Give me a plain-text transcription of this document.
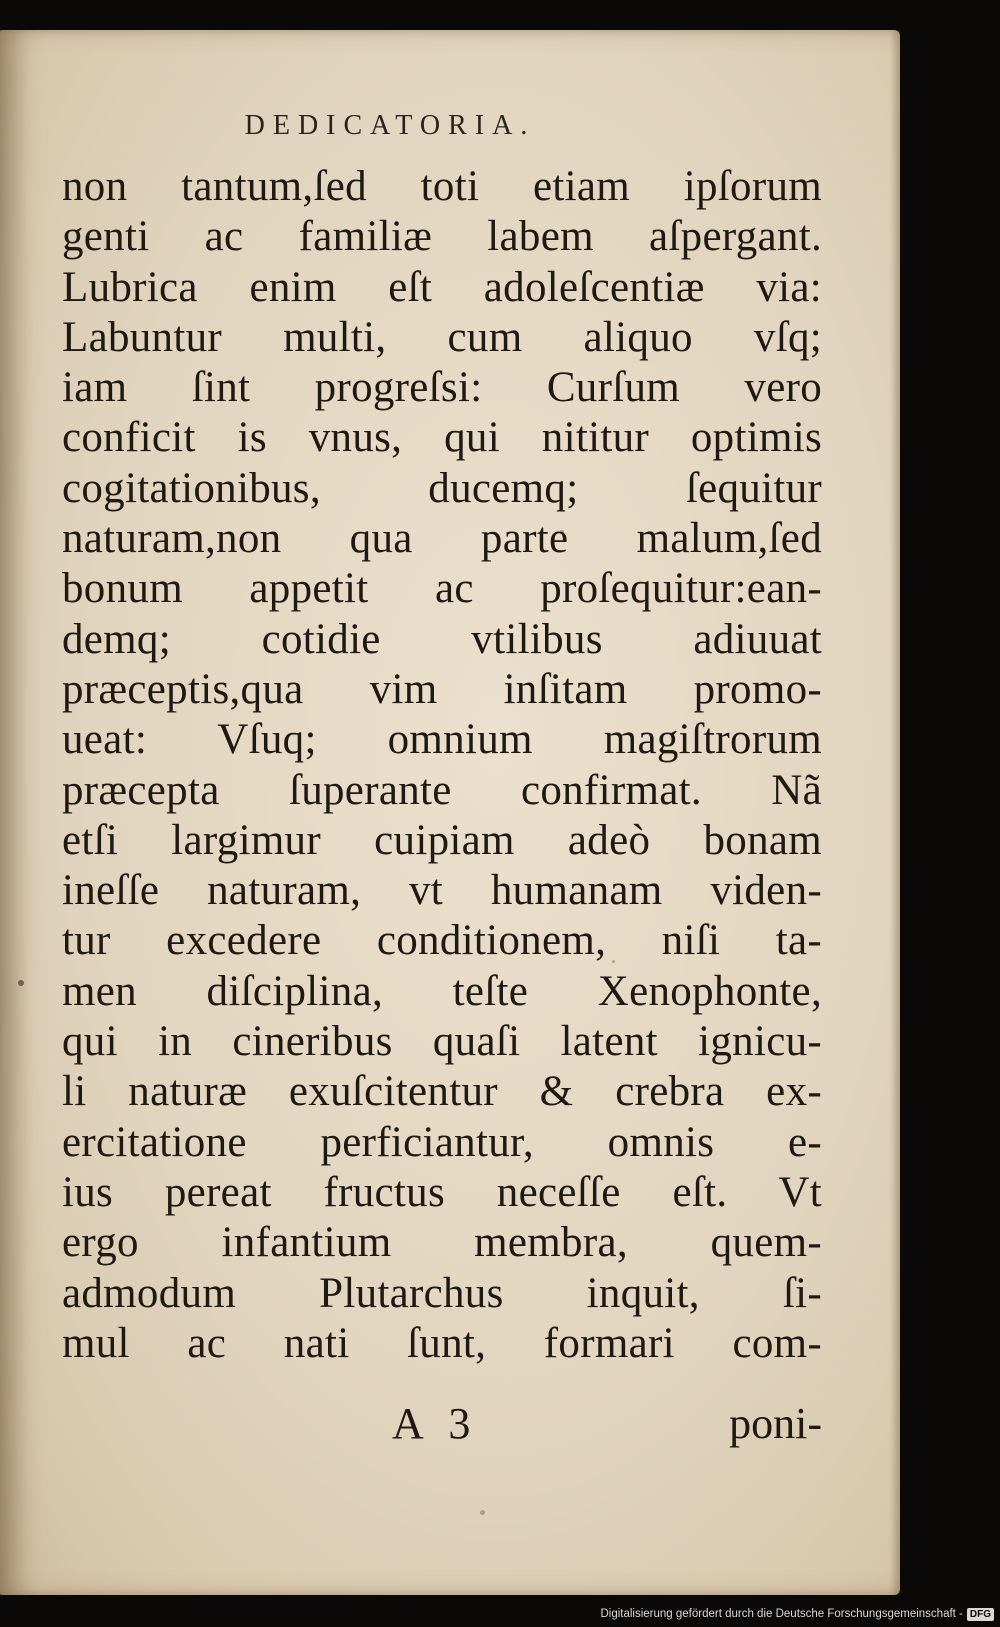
DEDICATORIA.
non tantum,ſed toti etiam ipſorum
genti ac familiæ labem aſpergant.
Lubrica enim eſt adoleſcentiæ via:
Labuntur multi, cum aliquo vſq;
iam ſint progreſsi: Curſum vero
conficit is vnus, qui nititur optimis
cogitationibus, ducemq; ſequitur
naturam,non qua parte malum,ſed
bonum appetit ac proſequitur:ean-
demq; cotidie vtilibus adiuuat
præceptis,qua vim inſitam promo-
ueat: Vſuq; omnium magiſtrorum
præcepta ſuperante confirmat. Nã
etſi largimur cuipiam adeò bonam
ineſſe naturam, vt humanam viden-
tur excedere conditionem, niſi ta-
men diſciplina, teſte Xenophonte,
qui in cineribus quaſi latent ignicu-
li naturæ exuſcitentur & crebra ex-
ercitatione perficiantur, omnis e-
ius pereat fructus neceſſe eſt. Vt
ergo infantium membra, quem-
admodum Plutarchus inquit, ſi-
mul ac nati ſunt, formari com-
A 3	poni-
Digitalisierung gefördert durch die Deutsche Forschungsgemeinschaft - DFG
